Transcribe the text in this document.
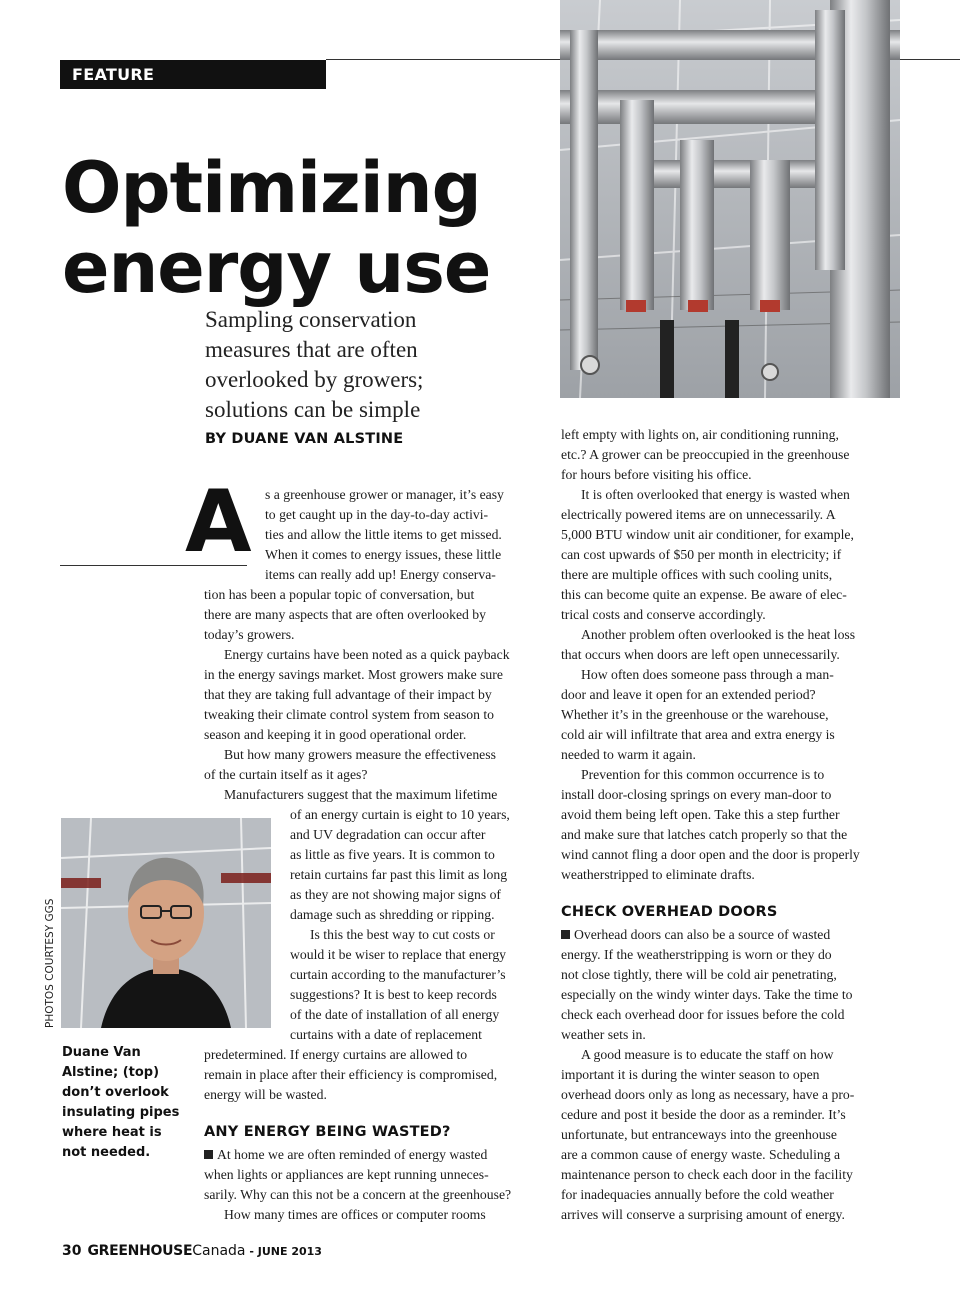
FEATURE
Optimizing
energy use
Sampling conservation
measures that are often
overlooked by growers;
solutions can be simple
BY DUANE VAN ALSTINE
PHOTOS COURTESY GGS
Duane Van
Alstine; (top)
don’t overlook
insulating pipes
where heat is
not needed.
A s a greenhouse grower or manager, it’s easy
to get caught up in the day-to-day activi-
ties and allow the little items to get missed.
When it comes to energy issues, these little
items can really add up! Energy conserva-
tion has been a popular topic of conversation, but
there are many aspects that are often overlooked by
today’s growers.
Energy curtains have been noted as a quick payback
in the energy savings market. Most growers make sure
that they are taking full advantage of their impact by
tweaking their climate control system from season to
season and keeping it in good operational order.
But how many growers measure the effectiveness
of the curtain itself as it ages?
Manufacturers suggest that the maximum lifetime
of an energy curtain is eight to 10 years,
and UV degradation can occur after
as little as five years. It is common to
retain curtains far past this limit as long
as they are not showing major signs of
damage such as shredding or ripping.
Is this the best way to cut costs or
would it be wiser to replace that energy
curtain according to the manufacturer’s
suggestions? It is best to keep records
of the date of installation of all energy
curtains with a date of replacement
predetermined. If energy curtains are allowed to
remain in place after their efficiency is compromised,
energy will be wasted.
ANY ENERGY BEING WASTED?
At home we are often reminded of energy wasted
when lights or appliances are kept running unneces-
sarily. Why can this not be a concern at the greenhouse?
How many times are offices or computer rooms
left empty with lights on, air conditioning running,
etc.? A grower can be preoccupied in the greenhouse
for hours before visiting his office.
It is often overlooked that energy is wasted when
electrically powered items are on unnecessarily. A
5,000 BTU window unit air conditioner, for example,
can cost upwards of $50 per month in electricity; if
there are multiple offices with such cooling units,
this can become quite an expense. Be aware of elec-
trical costs and conserve accordingly.
Another problem often overlooked is the heat loss
that occurs when doors are left open unnecessarily.
How often does someone pass through a man-
door and leave it open for an extended period?
Whether it’s in the greenhouse or the warehouse,
cold air will infiltrate that area and extra energy is
needed to warm it again.
Prevention for this common occurrence is to
install door-closing springs on every man-door to
avoid them being left open. Take this a step further
and make sure that latches catch properly so that the
wind cannot fling a door open and the door is properly
weatherstripped to eliminate drafts.
CHECK OVERHEAD DOORS
Overhead doors can also be a source of wasted
energy. If the weatherstripping is worn or they do
not close tightly, there will be cold air penetrating,
especially on the windy winter days. Take the time to
check each overhead door for issues before the cold
weather sets in.
A good measure is to educate the staff on how
important it is during the winter season to open
overhead doors only as long as necessary, have a pro-
cedure and post it beside the door as a reminder. It’s
unfortunate, but entranceways into the greenhouse
are a common cause of energy waste. Scheduling a
maintenance person to check each door in the facility
for inadequacies annually before the cold weather
arrives will conserve a surprising amount of energy.
30 GREENHOUSECanada - JUNE 2013
